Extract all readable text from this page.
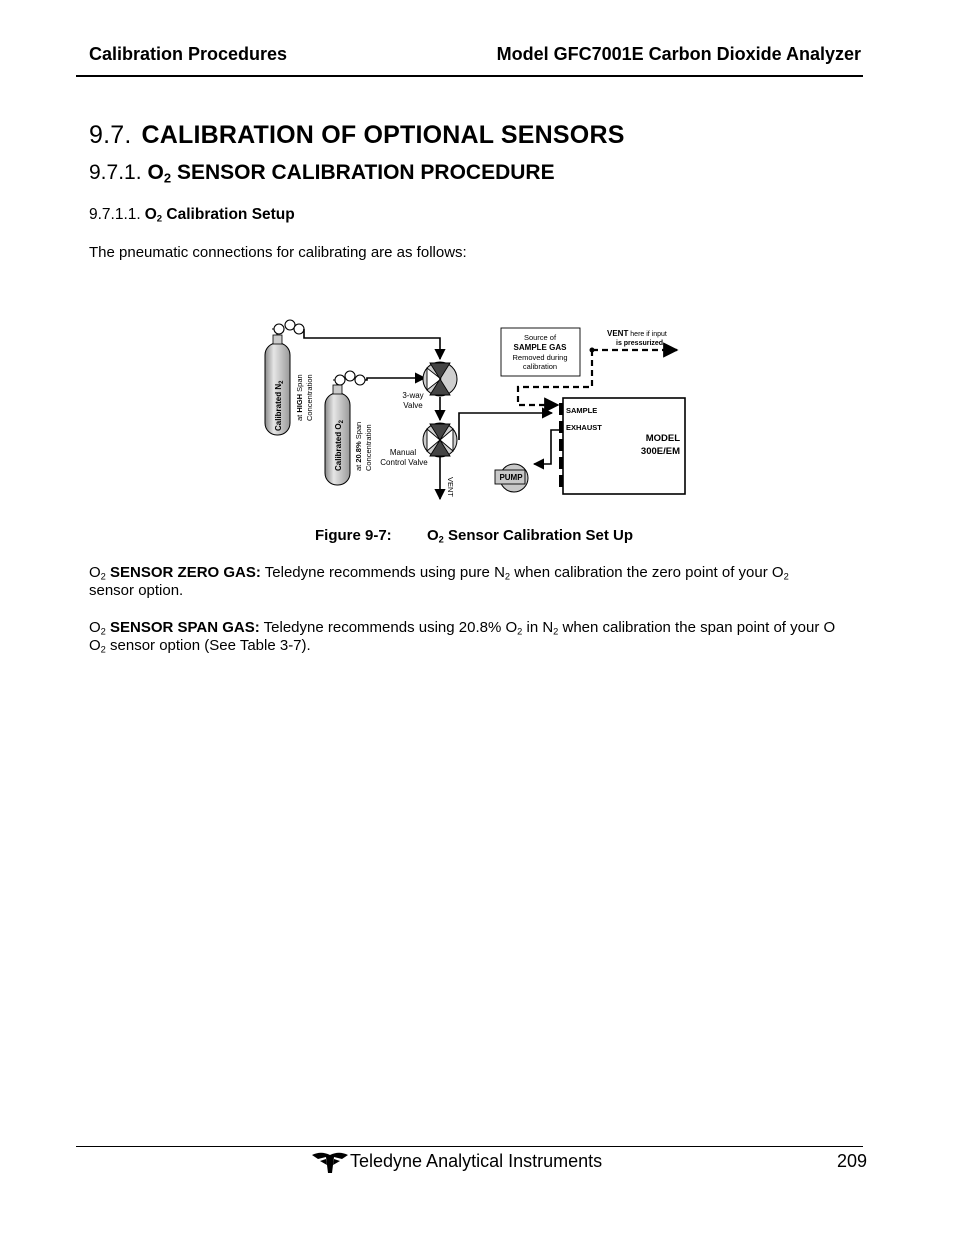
Calibration Procedures	Model GFC7001E Carbon Dioxide Analyzer
9.7. CALIBRATION OF OPTIONAL SENSORS
9.7.1. $O_2$ SENSOR CALIBRATION PROCEDURE
9.7.1.1. $O_2$ Calibration Setup
The pneumatic connections for calibrating are as follows:
Calibrated $N_2$
at HIGH Span Concentration
Calibrated $O_2$
at 20.8% Span Concentration
3-way
Valve
Manual
Control Valve
VENT
Source of
SAMPLE GAS
Removed during
calibration
VENT here if input
is pressurized
SAMPLE
EXHAUST
MODEL
300E/EM
PUMP
Figure 9-7: $O_2$ Sensor Calibration Set Up
$O_2$ SENSOR ZERO GAS: Teledyne recommends using pure $N_2$ when calibration the zero point of your $O_2$
sensor option.
$O_2$ SENSOR SPAN GAS: Teledyne recommends using 20.8% $O_2$ in $N_2$ when calibration the span point of your O
$O_2$ sensor option (See Table 3-7).
Teledyne Analytical Instruments	209
